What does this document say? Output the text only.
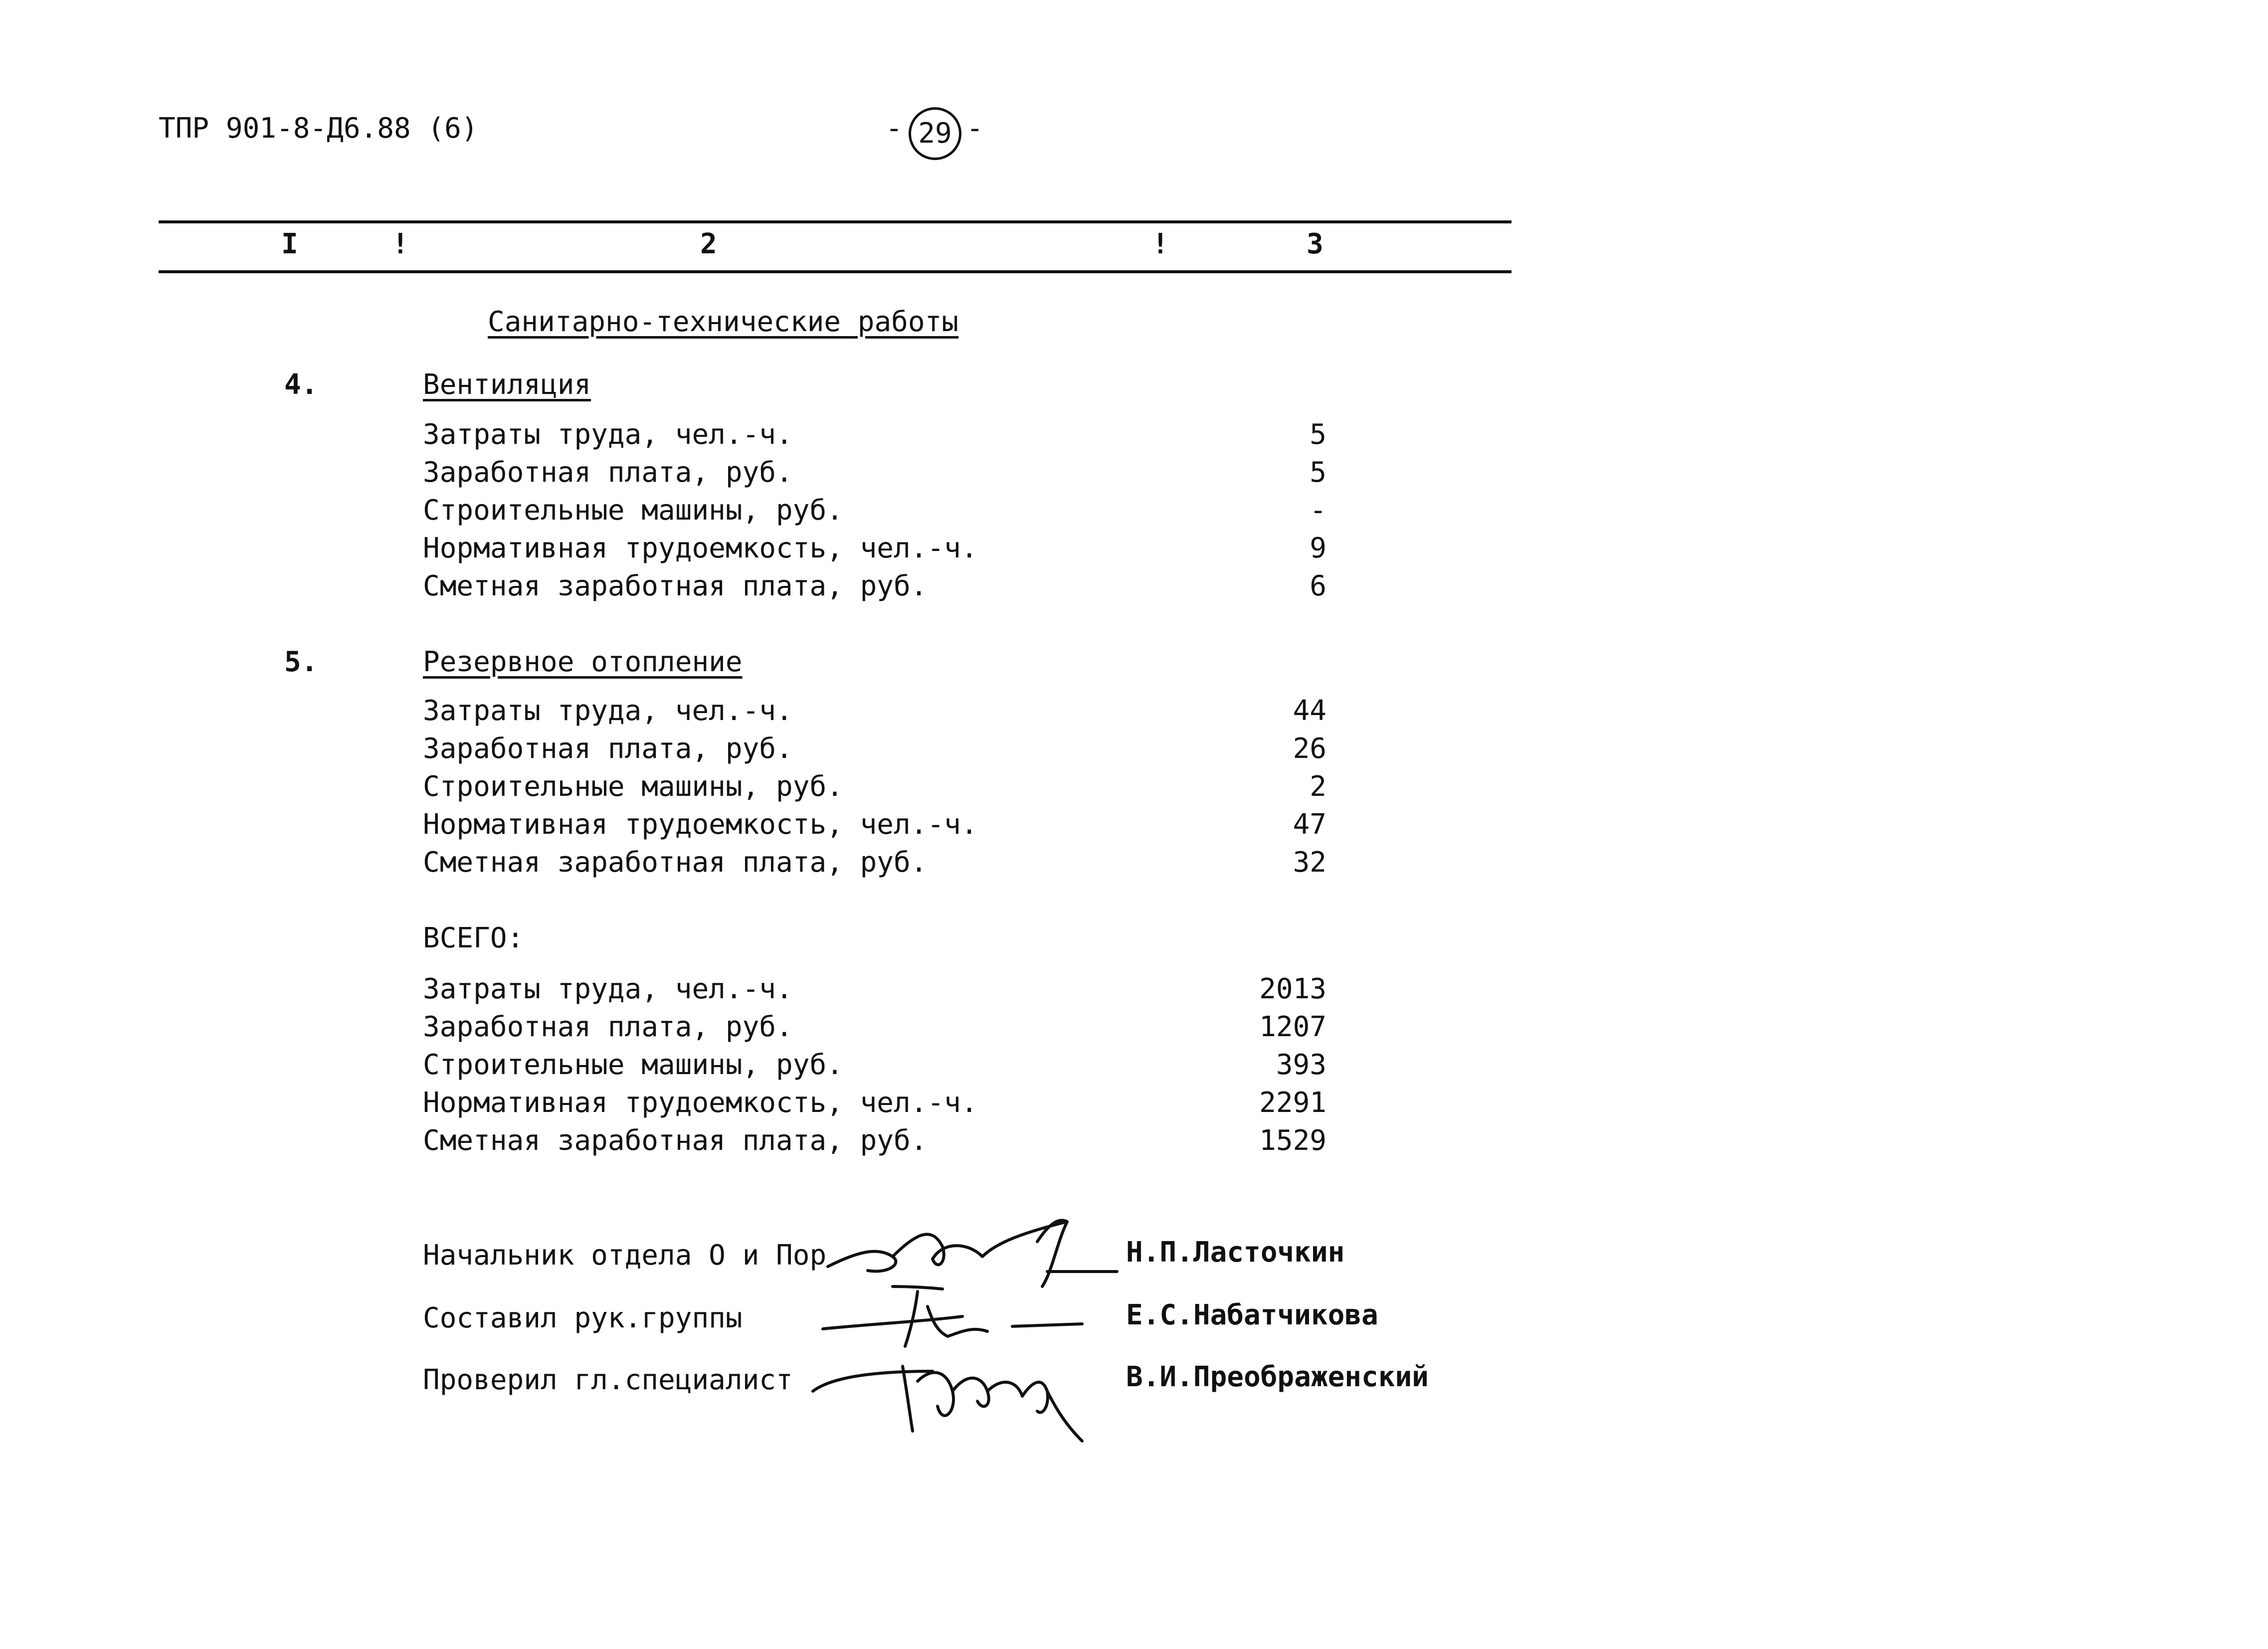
ТПР 901-8-Д6.88 (6)	- 29 -
I	!	2	!	3
Санитарно-технические работы
4.	Вентиляция
Затраты труда, чел.-ч.	5
Заработная плата, руб.	5
Строительные машины, руб.	-
Нормативная трудоемкость, чел.-ч.	9
Сметная заработная плата, руб.	6
5.	Резервное отопление
Затраты труда, чел.-ч.	44
Заработная плата, руб.	26
Строительные машины, руб.	2
Нормативная трудоемкость, чел.-ч.	47
Сметная заработная плата, руб.	32
ВСЕГО:
Затраты труда, чел.-ч.	2013
Заработная плата, руб.	1207
Строительные машины, руб.	393
Нормативная трудоемкость, чел.-ч.	2291
Сметная заработная плата, руб.	1529
Начальник отдела О и Пор	Н.П.Ласточкин
Составил рук.группы	Е.С.Набатчикова
Проверил гл.специалист	В.И.Преображенский
